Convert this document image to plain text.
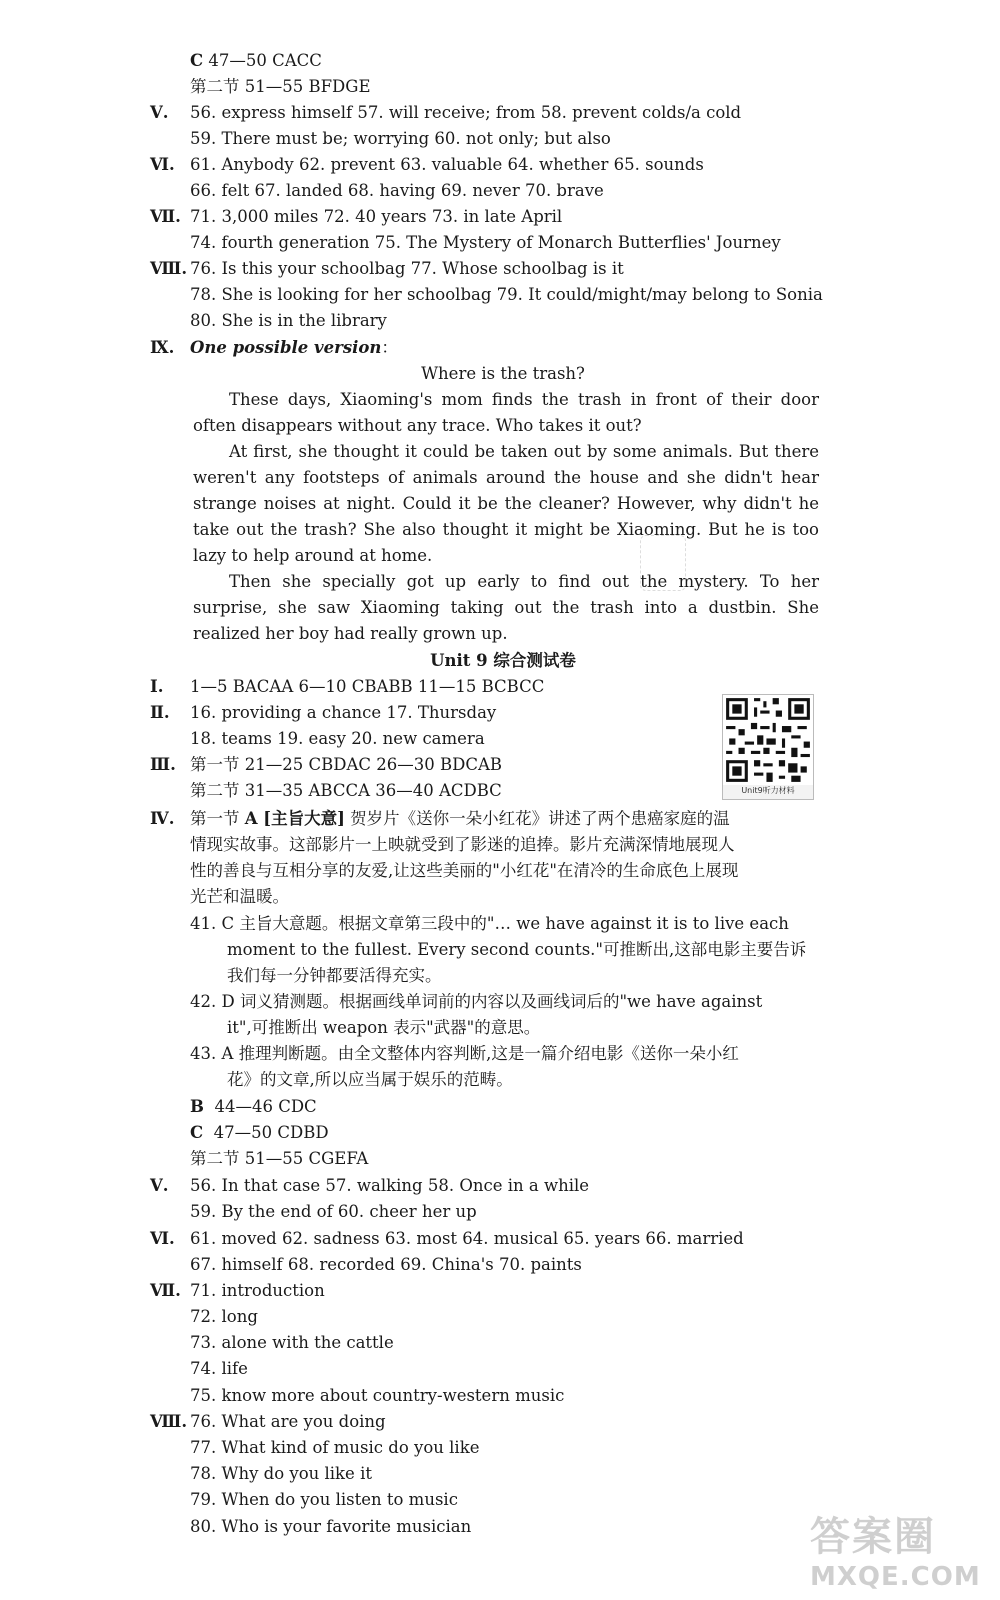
C 47—50 CACC
第二节 51—55 BFDGE
Ⅴ. 56. express himself 57. will receive; from 58. prevent colds/a cold
59. There must be; worrying 60. not only; but also
Ⅵ. 61. Anybody 62. prevent 63. valuable 64. whether 65. sounds
66. felt 67. landed 68. having 69. never 70. brave
Ⅶ. 71. 3,000 miles 72. 40 years 73. in late April
74. fourth generation 75. The Mystery of Monarch Butterflies' Journey
Ⅷ. 76. Is this your schoolbag 77. Whose schoolbag is it
78. She is looking for her schoolbag 79. It could/might/may belong to Sonia
80. She is in the library
Ⅸ. One possible version：
Where is the trash?
These days, Xiaoming's mom finds the trash in front of their door often disappears without any trace. Who takes it out?
At first, she thought it could be taken out by some animals. But there weren't any footsteps of animals around the house and she didn't hear strange noises at night. Could it be the cleaner? However, why didn't he take out the trash? She also thought it might be Xiaoming. But he is too lazy to help around at home.
Then she specially got up early to find out the mystery. To her surprise, she saw Xiaoming taking out the trash into a dustbin. She realized her boy had really grown up.
Unit 9 综合测试卷
Ⅰ. 1—5 BACAA 6—10 CBABB 11—15 BCBCC
Ⅱ. 16. providing a chance 17. Thursday
18. teams 19. easy 20. new camera
Ⅲ. 第一节 21—25 CBDAC 26—30 BDCAB
第二节 31—35 ABCCA 36—40 ACDBC	Unit9听力材料
Ⅳ. 第一节 A [主旨大意] 贺岁片《送你一朵小红花》讲述了两个患癌家庭的温
情现实故事。这部影片一上映就受到了影迷的追捧。影片充满深情地展现人
性的善良与互相分享的友爱,让这些美丽的"小红花"在清冷的生命底色上展现
光芒和温暖。
41. C 主旨大意题。根据文章第三段中的"… we have against it is to live each
moment to the fullest. Every second counts."可推断出,这部电影主要告诉
我们每一分钟都要活得充实。
42. D 词义猜测题。根据画线单词前的内容以及画线词后的"we have against
it",可推断出 weapon 表示"武器"的意思。
43. A 推理判断题。由全文整体内容判断,这是一篇介绍电影《送你一朵小红
花》的文章,所以应当属于娱乐的范畴。
B 44—46 CDC
C 47—50 CDBD
第二节 51—55 CGEFA
Ⅴ. 56. In that case 57. walking 58. Once in a while
59. By the end of 60. cheer her up
Ⅵ. 61. moved 62. sadness 63. most 64. musical 65. years 66. married
67. himself 68. recorded 69. China's 70. paints
Ⅶ. 71. introduction
72. long
73. alone with the cattle
74. life
75. know more about country-western music
Ⅷ. 76. What are you doing
77. What kind of music do you like
78. Why do you like it
79. When do you listen to music
80. Who is your favorite musician	答案圈
MXQE.COM
